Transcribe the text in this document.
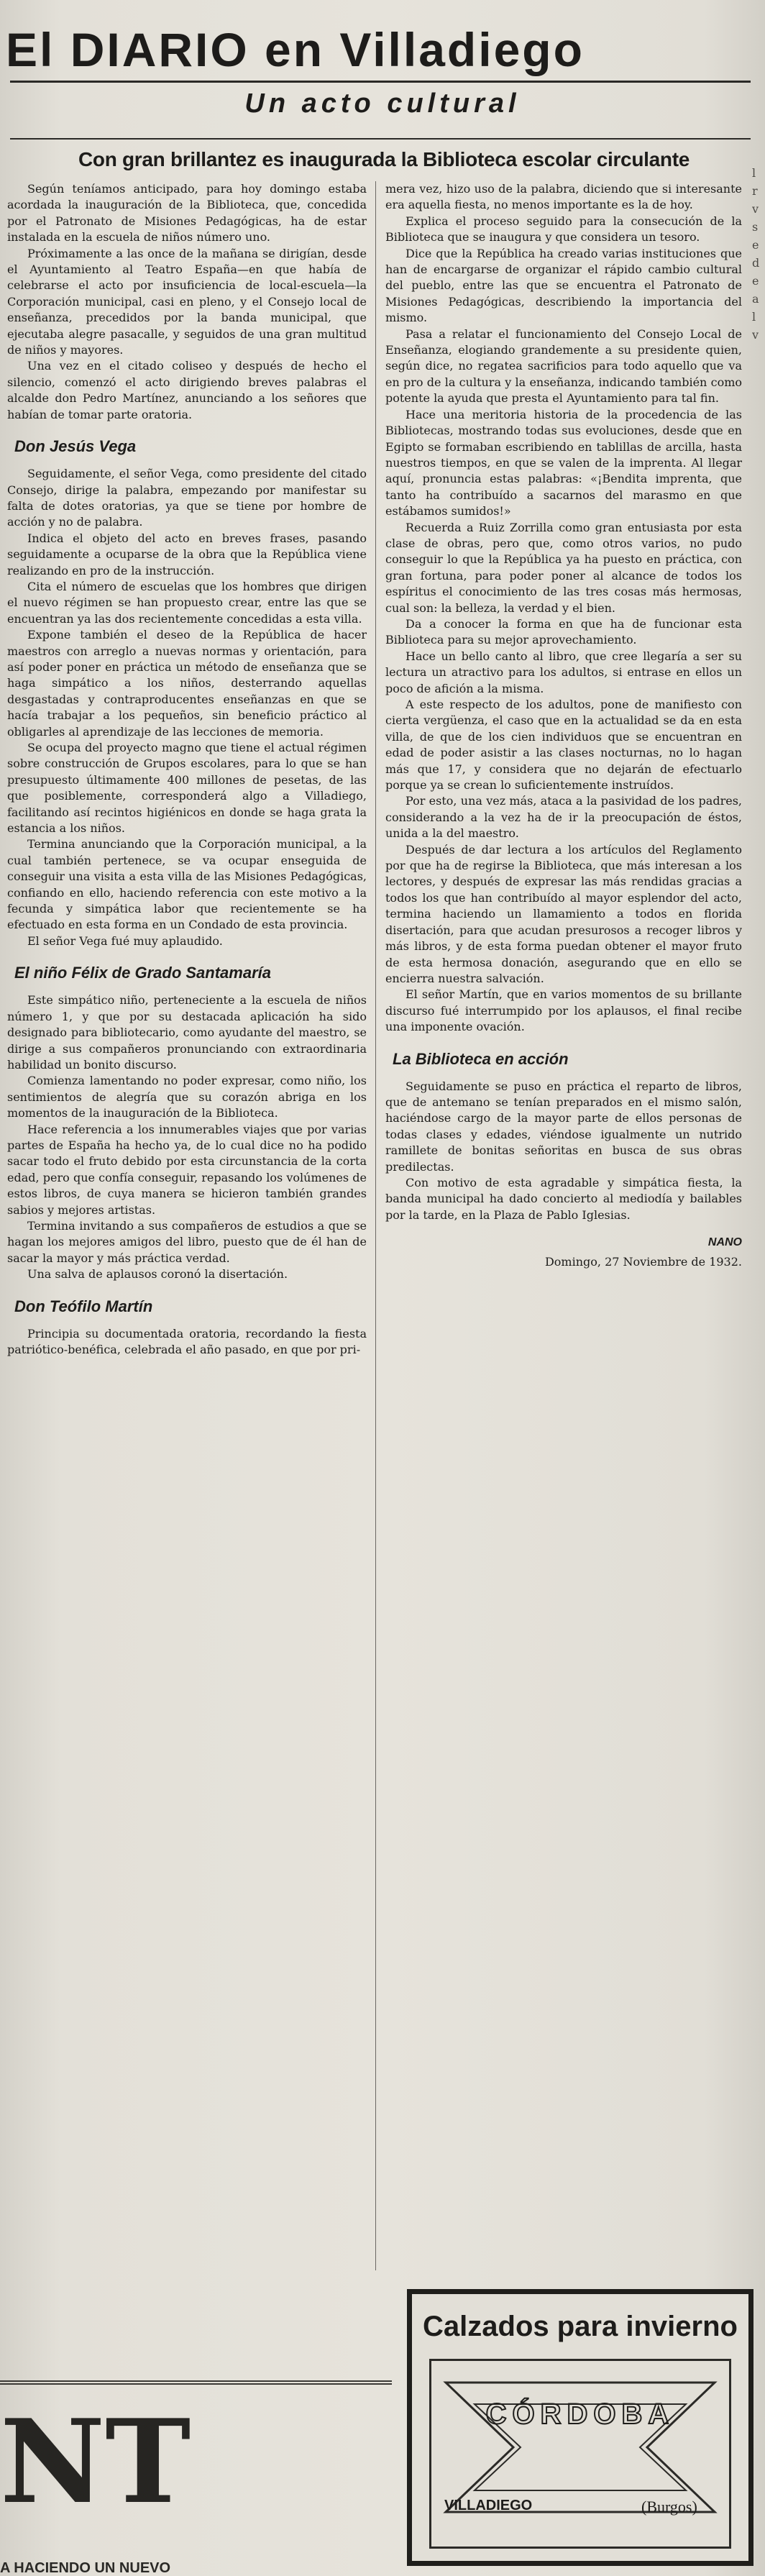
El DIARIO en Villadiego
Un acto cultural
Con gran brillantez es inaugurada la Biblioteca escolar circulante

Según teníamos anticipado, para hoy domingo estaba acordada la inauguración de la Biblioteca, que, concedida por el Patronato de Misiones Pedagógicas, ha de estar instalada en la escuela de niños número uno.

Próximamente a las once de la mañana se dirigían, desde el Ayuntamiento al Teatro España—en que había de celebrarse el acto por insuficiencia de local-escuela—la Corporación municipal, casi en pleno, y el Consejo local de enseñanza, precedidos por la banda municipal, que ejecutaba alegre pasacalle, y seguidos de una gran multitud de niños y mayores.

Una vez en el citado coliseo y después de hecho el silencio, comenzó el acto dirigiendo breves palabras el alcalde don Pedro Martínez, anunciando a los señores que habían de tomar parte oratoria.

Don Jesús Vega

Seguidamente, el señor Vega, como presidente del citado Consejo, dirige la palabra, empezando por manifestar su falta de dotes oratorias, ya que se tiene por hombre de acción y no de palabra.

Indica el objeto del acto en breves frases, pasando seguidamente a ocuparse de la obra que la República viene realizando en pro de la instrucción.

Cita el número de escuelas que los hombres que dirigen el nuevo régimen se han propuesto crear, entre las que se encuentran ya las dos recientemente concedidas a esta villa.

Expone también el deseo de la República de hacer maestros con arreglo a nuevas normas y orientación, para así poder poner en práctica un método de enseñanza que se haga simpático a los niños, desterrando aquellas desgastadas y contraproducentes enseñanzas en que se hacía trabajar a los pequeños, sin beneficio práctico al obligarles al aprendizaje de las lecciones de memoria.

Se ocupa del proyecto magno que tiene el actual régimen sobre construcción de Grupos escolares, para lo que se han presupuesto últimamente 400 millones de pesetas, de las que posiblemente, corresponderá algo a Villadiego, facilitando así recintos higiénicos en donde se haga grata la estancia a los niños.

Termina anunciando que la Corporación municipal, a la cual también pertenece, se va ocupar enseguida de conseguir una visita a esta villa de las Misiones Pedagógicas, confiando en ello, haciendo referencia con este motivo a la fecunda y simpática labor que recientemente se ha efectuado en esta forma en un Condado de esta provincia.

El señor Vega fué muy aplaudido.

El niño Félix de Grado Santamaría

Este simpático niño, perteneciente a la escuela de niños número 1, y que por su destacada aplicación ha sido designado para bibliotecario, como ayudante del maestro, se dirige a sus compañeros pronunciando con extraordinaria habilidad un bonito discurso.

Comienza lamentando no poder expresar, como niño, los sentimientos de alegría que su corazón abriga en los momentos de la inauguración de la Biblioteca.

Hace referencia a los innumerables viajes que por varias partes de España ha hecho ya, de lo cual dice no ha podido sacar todo el fruto debido por esta circunstancia de la corta edad, pero que confía conseguir, repasando los volúmenes de estos libros, de cuya manera se hicieron también grandes sabios y mejores artistas.

Termina invitando a sus compañeros de estudios a que se hagan los mejores amigos del libro, puesto que de él han de sacar la mayor y más práctica verdad.

Una salva de aplausos coronó la disertación.

Don Teófilo Martín

Principia su documentada oratoria, recordando la fiesta patriótico-benéfica, celebrada el año pasado, en que por pri-

mera vez, hizo uso de la palabra, diciendo que si interesante era aquella fiesta, no menos importante es la de hoy.

Explica el proceso seguido para la consecución de la Biblioteca que se inaugura y que considera un tesoro.

Dice que la República ha creado varias instituciones que han de encargarse de organizar el rápido cambio cultural del pueblo, entre las que se encuentra el Patronato de Misiones Pedagógicas, describiendo la importancia del mismo.

Pasa a relatar el funcionamiento del Consejo Local de Enseñanza, elogiando grandemente a su presidente quien, según dice, no regatea sacrificios para todo aquello que va en pro de la cultura y la enseñanza, indicando también como potente la ayuda que presta el Ayuntamiento para tal fin.

Hace una meritoria historia de la procedencia de las Bibliotecas, mostrando todas sus evoluciones, desde que en Egipto se formaban escribiendo en tablillas de arcilla, hasta nuestros tiempos, en que se valen de la imprenta. Al llegar aquí, pronuncia estas palabras: «¡Bendita imprenta, que tanto ha contribuído a sacarnos del marasmo en que estábamos sumidos!»

Recuerda a Ruiz Zorrilla como gran entusiasta por esta clase de obras, pero que, como otros varios, no pudo conseguir lo que la República ya ha puesto en práctica, con gran fortuna, para poder poner al alcance de todos los espíritus el conocimiento de las tres cosas más hermosas, cual son: la belleza, la verdad y el bien.

Da a conocer la forma en que ha de funcionar esta Biblioteca para su mejor aprovechamiento.

Hace un bello canto al libro, que cree llegaría a ser su lectura un atractivo para los adultos, si entrase en ellos un poco de afición a la misma.

A este respecto de los adultos, pone de manifiesto con cierta vergüenza, el caso que en la actualidad se da en esta villa, de que de los cien individuos que se encuentran en edad de poder asistir a las clases nocturnas, no lo hagan más que 17, y considera que no dejarán de efectuarlo porque ya se crean lo suficientemente instruídos.

Por esto, una vez más, ataca a la pasividad de los padres, considerando a la vez ha de ir la preocupación de éstos, unida a la del maestro.

Después de dar lectura a los artículos del Reglamento por que ha de regirse la Biblioteca, que más interesan a los lectores, y después de expresar las más rendidas gracias a todos los que han contribuído al mayor esplendor del acto, termina haciendo un llamamiento a todos en florida disertación, para que acudan presurosos a recoger libros y más libros, y de esta forma puedan obtener el mayor fruto de esta hermosa donación, asegurando que en ello se encierra nuestra salvación.

El señor Martín, que en varios momentos de su brillante discurso fué interrumpido por los aplausos, el final recibe una imponente ovación.

La Biblioteca en acción

Seguidamente se puso en práctica el reparto de libros, que de antemano se tenían preparados en el mismo salón, haciéndose cargo de la mayor parte de ellos personas de todas clases y edades, viéndose igualmente un nutrido ramillete de bonitas señoritas en busca de sus obras predilectas.

Con motivo de esta agradable y simpática fiesta, la banda municipal ha dado concierto al mediodía y bailables por la tarde, en la Plaza de Pablo Iglesias.

NANO

Domingo, 27 Noviembre de 1932.

l
r
v
s
e
d
e
a
l
v
NT
A HACIENDO UN NUEVO
Calzados para invierno
CÓRDOBA
VILLADIEGO	(Burgos)
